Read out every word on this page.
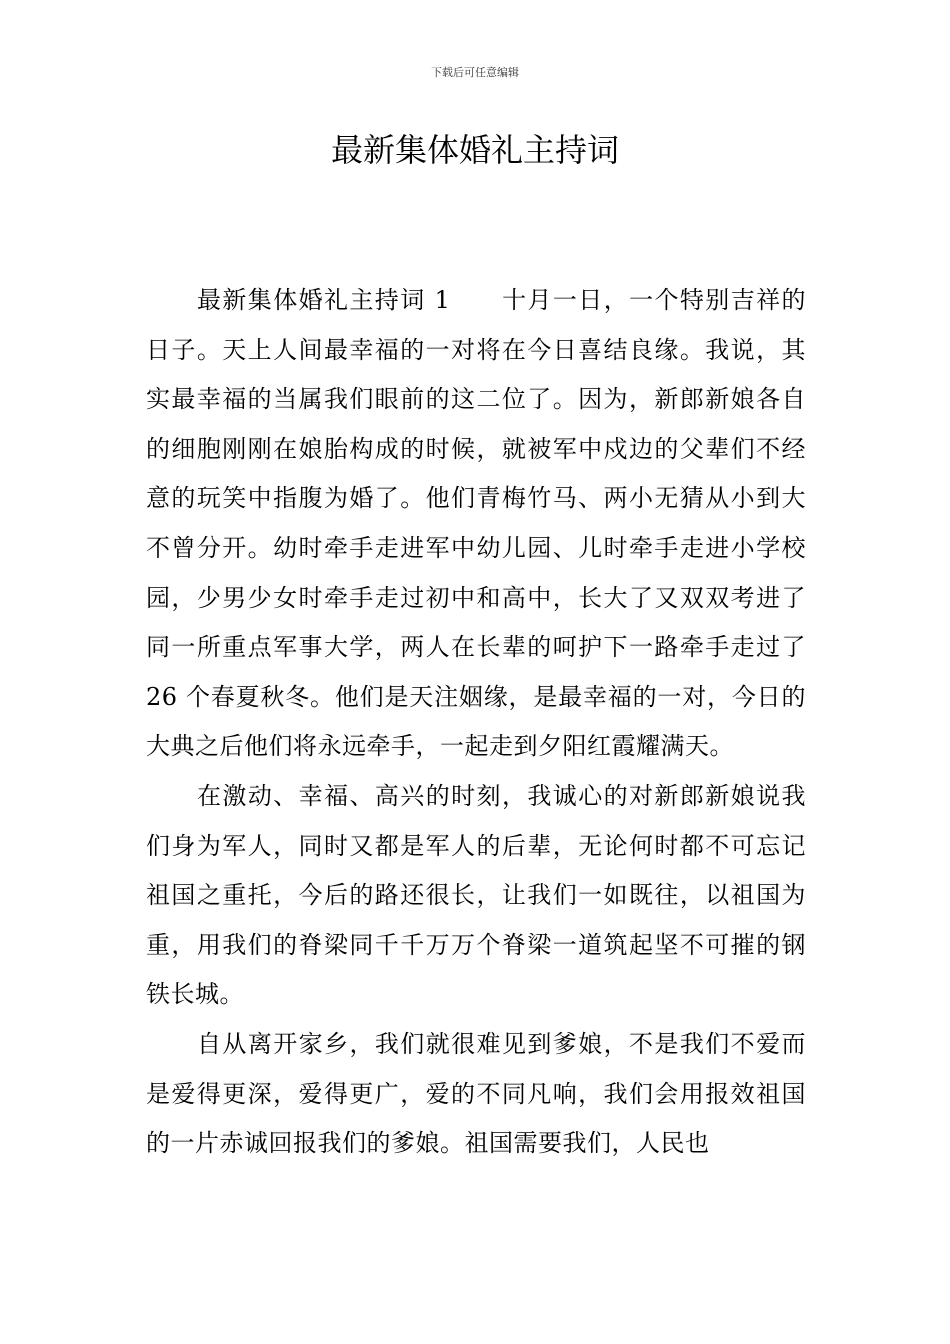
下载后可任意编辑
最新集体婚礼主持词

最新集体婚礼主持词 1　　十月一日，一个特别吉祥的日子。天上人间最幸福的一对将在今日喜结良缘。我说，其实最幸福的当属我们眼前的这二位了。因为，新郎新娘各自的细胞刚刚在娘胎构成的时候，就被军中戍边的父辈们不经意的玩笑中指腹为婚了。他们青梅竹马、两小无猜从小到大不曾分开。幼时牵手走进军中幼儿园、儿时牵手走进小学校园，少男少女时牵手走过初中和高中，长大了又双双考进了同一所重点军事大学，两人在长辈的呵护下一路牵手走过了 26 个春夏秋冬。他们是天注姻缘，是最幸福的一对，今日的大典之后他们将永远牵手，一起走到夕阳红霞耀满天。

在激动、幸福、高兴的时刻，我诚心的对新郎新娘说我们身为军人，同时又都是军人的后辈，无论何时都不可忘记祖国之重托，今后的路还很长，让我们一如既往，以祖国为重，用我们的脊梁同千千万万个脊梁一道筑起坚不可摧的钢铁长城。

自从离开家乡，我们就很难见到爹娘，不是我们不爱而是爱得更深，爱得更广，爱的不同凡响，我们会用报效祖国的一片赤诚回报我们的爹娘。祖国需要我们，人民也
